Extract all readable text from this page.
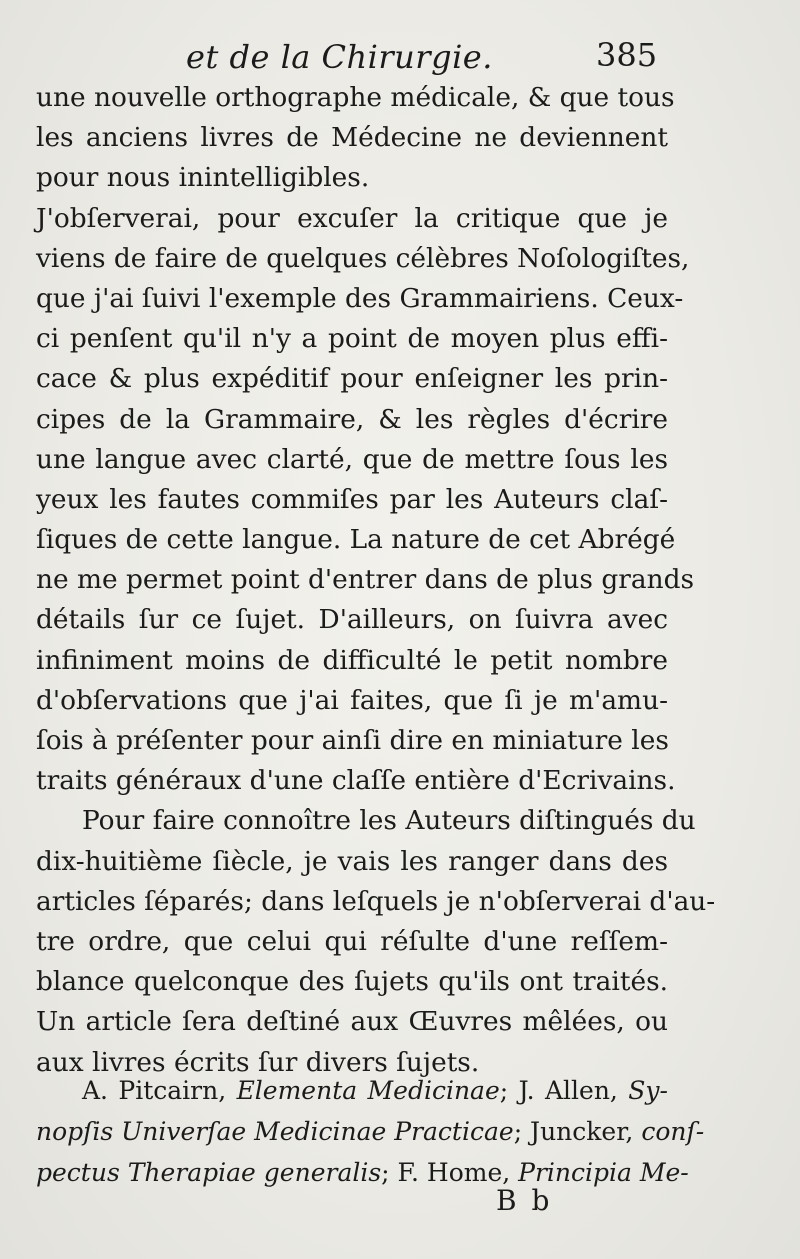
et de la Chirurgie.	385
une nouvelle orthographe médicale, & que tous
les anciens livres de Médecine ne deviennent
pour nous inintelligibles.
J'obſerverai, pour excuſer la critique que je
viens de faire de quelques célèbres Noſologiſtes,
que j'ai ſuivi l'exemple des Grammairiens. Ceux-
ci penſent qu'il n'y a point de moyen plus effi-
cace & plus expéditif pour enſeigner les prin-
cipes de la Grammaire, & les règles d'écrire
une langue avec clarté, que de mettre ſous les
yeux les fautes commiſes par les Auteurs claſ-
ſiques de cette langue. La nature de cet Abrégé
ne me permet point d'entrer dans de plus grands
détails ſur ce ſujet. D'ailleurs, on ſuivra avec
infiniment moins de difficulté le petit nombre
d'obſervations que j'ai faites, que ſi je m'amu-
ſois à préſenter pour ainſi dire en miniature les
traits généraux d'une claſſe entière d'Ecrivains.
Pour faire connoître les Auteurs diſtingués du
dix-huitième ſiècle, je vais les ranger dans des
articles ſéparés; dans leſquels je n'obſerverai d'au-
tre ordre, que celui qui réſulte d'une reſſem-
blance quelconque des ſujets qu'ils ont traités.
Un article ſera deſtiné aux Œuvres mêlées, ou
aux livres écrits ſur divers ſujets.
A. Pitcairn, Elementa Medicinae; J. Allen, Sy-
nopſis Univerſae Medicinae Practicae; Juncker, conſ-
pectus Therapiae generalis; F. Home, Principia Me-
B b
